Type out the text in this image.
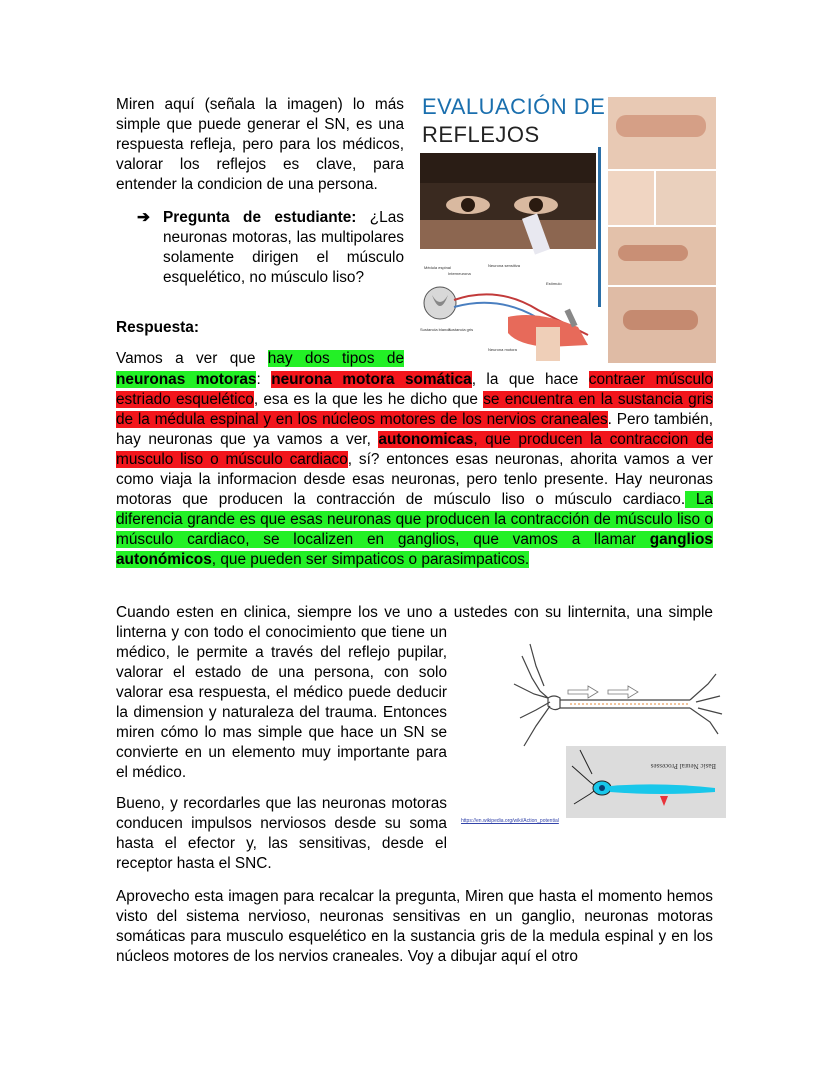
Miren aquí (señala la imagen) lo más simple que puede generar el SN, es una respuesta refleja, pero para los médicos, valorar los reflejos es clave, para entender la condicion de una persona.

➔ Pregunta de estudiante: ¿Las neuronas motoras, las multipolares solamente dirigen el músculo esquelético, no músculo liso?
Respuesta:
Vamos a ver que hay dos tipos de

neuronas motoras: neurona motora somática, la que hace contraer músculo estriado esquelético, esa es la que les he dicho que se encuentra en la sustancia gris de la médula espinal y en los núcleos motores de los nervios craneales. Pero también, hay neuronas que ya vamos a ver, autonomicas, que producen la contraccion de musculo liso o músculo cardiaco, sí? entonces esas neuronas, ahorita vamos a ver como viaja la informacion desde esas neuronas, pero tenlo presente. Hay neuronas motoras que producen la contracción de músculo liso o músculo cardiaco. La diferencia grande es que esas neuronas que producen la contracción de músculo liso o músculo cardiaco, se localizen en ganglios, que vamos a llamar ganglios autonómicos, que pueden ser simpaticos o parasimpaticos.

EVALUACIÓN DE
REFLEJOS
Médula espinal
Interneurona
Neurona sensitiva
Estímulo
Sustancia blanca
Sustancia gris
Neurona motora
Cuando esten en clinica, siempre los ve uno a ustedes con su linternita, una simple

linterna y con todo el conocimiento que tiene un médico, le permite a través del reflejo pupilar, valorar el estado de una persona, con solo valorar esa respuesta, el médico puede deducir la dimension y naturaleza del trauma. Entonces miren cómo lo mas simple que hace un SN se convierte en un elemento muy importante para el médico.	Basic Neural Processes
https://en.wikipedia.org/wiki/Action_potential

Bueno, y recordarles que las neuronas motoras conducen impulsos nerviosos desde su soma hasta el efector y, las sensitivas, desde el receptor hasta el SNC.

Aprovecho esta imagen para recalcar la pregunta, Miren que hasta el momento hemos visto del sistema nervioso, neuronas sensitivas en un ganglio, neuronas motoras somáticas para musculo esquelético en la sustancia gris de la medula espinal y en los núcleos motores de los nervios craneales. Voy a dibujar aquí el otro
